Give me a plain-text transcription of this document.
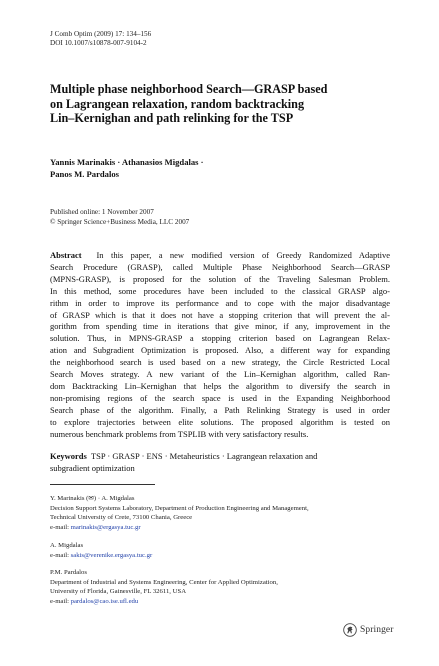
J Comb Optim (2009) 17: 134–156
DOI 10.1007/s10878-007-9104-2
Multiple phase neighborhood Search—GRASP based
on Lagrangean relaxation, random backtracking
Lin–Kernighan and path relinking for the TSP
Yannis Marinakis · Athanasios Migdalas ·
Panos M. Pardalos
Published online: 1 November 2007
© Springer Science+Business Media, LLC 2007
Abstract In this paper, a new modified version of Greedy Randomized Adaptive
Search Procedure (GRASP), called Multiple Phase Neighborhood Search—GRASP
(MPNS-GRASP), is proposed for the solution of the Traveling Salesman Problem.
In this method, some procedures have been included to the classical GRASP algo-
rithm in order to improve its performance and to cope with the major disadvantage
of GRASP which is that it does not have a stopping criterion that will prevent the al-
gorithm from spending time in iterations that give minor, if any, improvement in the
solution. Thus, in MPNS-GRASP a stopping criterion based on Lagrangean Relax-
ation and Subgradient Optimization is proposed. Also, a different way for expanding
the neighborhood search is used based on a new strategy, the Circle Restricted Local
Search Moves strategy. A new variant of the Lin–Kernighan algorithm, called Ran-
dom Backtracking Lin–Kernighan that helps the algorithm to diversify the search in
non-promising regions of the search space is used in the Expanding Neighborhood
Search phase of the algorithm. Finally, a Path Relinking Strategy is used in order
to explore trajectories between elite solutions. The proposed algorithm is tested on
numerous benchmark problems from TSPLIB with very satisfactory results.
Keywords TSP · GRASP · ENS · Metaheuristics · Lagrangean relaxation and
subgradient optimization
Y. Marinakis (✉) · A. Migdalas
Decision Support Systems Laboratory, Department of Production Engineering and Management,
Technical University of Crete, 73100 Chania, Greece
e-mail: marinakis@ergasya.tuc.gr
A. Migdalas
e-mail: sakis@verenike.ergasya.tuc.gr
P.M. Pardalos
Department of Industrial and Systems Engineering, Center for Applied Optimization,
University of Florida, Gainesville, FL 32611, USA
e-mail: pardalos@cao.ise.ufl.edu
Springer
